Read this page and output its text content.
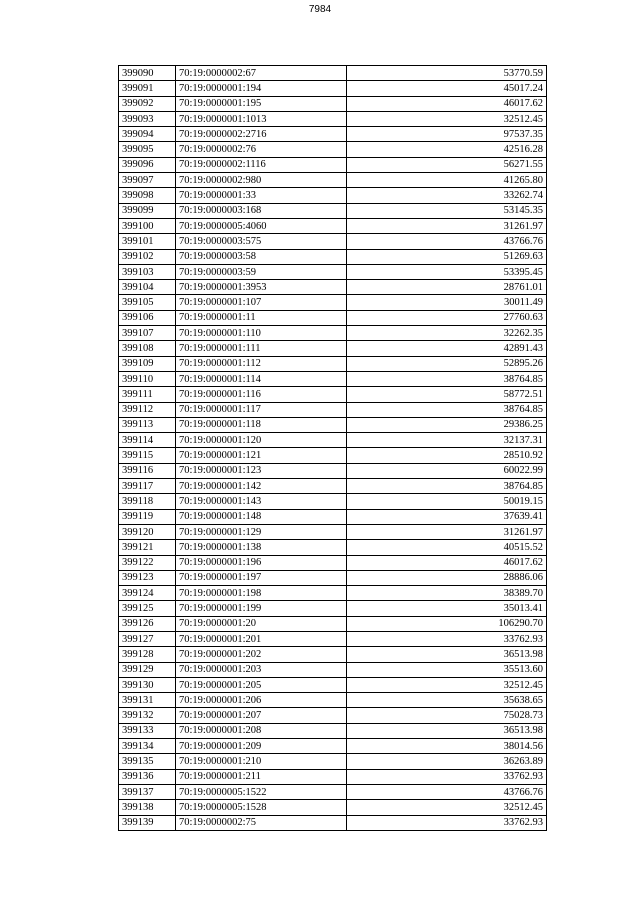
7984
399090	70:19:0000002:67	53770.59
399091	70:19:0000001:194	45017.24
399092	70:19:0000001:195	46017.62
399093	70:19:0000001:1013	32512.45
399094	70:19:0000002:2716	97537.35
399095	70:19:0000002:76	42516.28
399096	70:19:0000002:1116	56271.55
399097	70:19:0000002:980	41265.80
399098	70:19:0000001:33	33262.74
399099	70:19:0000003:168	53145.35
399100	70:19:0000005:4060	31261.97
399101	70:19:0000003:575	43766.76
399102	70:19:0000003:58	51269.63
399103	70:19:0000003:59	53395.45
399104	70:19:0000001:3953	28761.01
399105	70:19:0000001:107	30011.49
399106	70:19:0000001:11	27760.63
399107	70:19:0000001:110	32262.35
399108	70:19:0000001:111	42891.43
399109	70:19:0000001:112	52895.26
399110	70:19:0000001:114	38764.85
399111	70:19:0000001:116	58772.51
399112	70:19:0000001:117	38764.85
399113	70:19:0000001:118	29386.25
399114	70:19:0000001:120	32137.31
399115	70:19:0000001:121	28510.92
399116	70:19:0000001:123	60022.99
399117	70:19:0000001:142	38764.85
399118	70:19:0000001:143	50019.15
399119	70:19:0000001:148	37639.41
399120	70:19:0000001:129	31261.97
399121	70:19:0000001:138	40515.52
399122	70:19:0000001:196	46017.62
399123	70:19:0000001:197	28886.06
399124	70:19:0000001:198	38389.70
399125	70:19:0000001:199	35013.41
399126	70:19:0000001:20	106290.70
399127	70:19:0000001:201	33762.93
399128	70:19:0000001:202	36513.98
399129	70:19:0000001:203	35513.60
399130	70:19:0000001:205	32512.45
399131	70:19:0000001:206	35638.65
399132	70:19:0000001:207	75028.73
399133	70:19:0000001:208	36513.98
399134	70:19:0000001:209	38014.56
399135	70:19:0000001:210	36263.89
399136	70:19:0000001:211	33762.93
399137	70:19:0000005:1522	43766.76
399138	70:19:0000005:1528	32512.45
399139	70:19:0000002:75	33762.93
